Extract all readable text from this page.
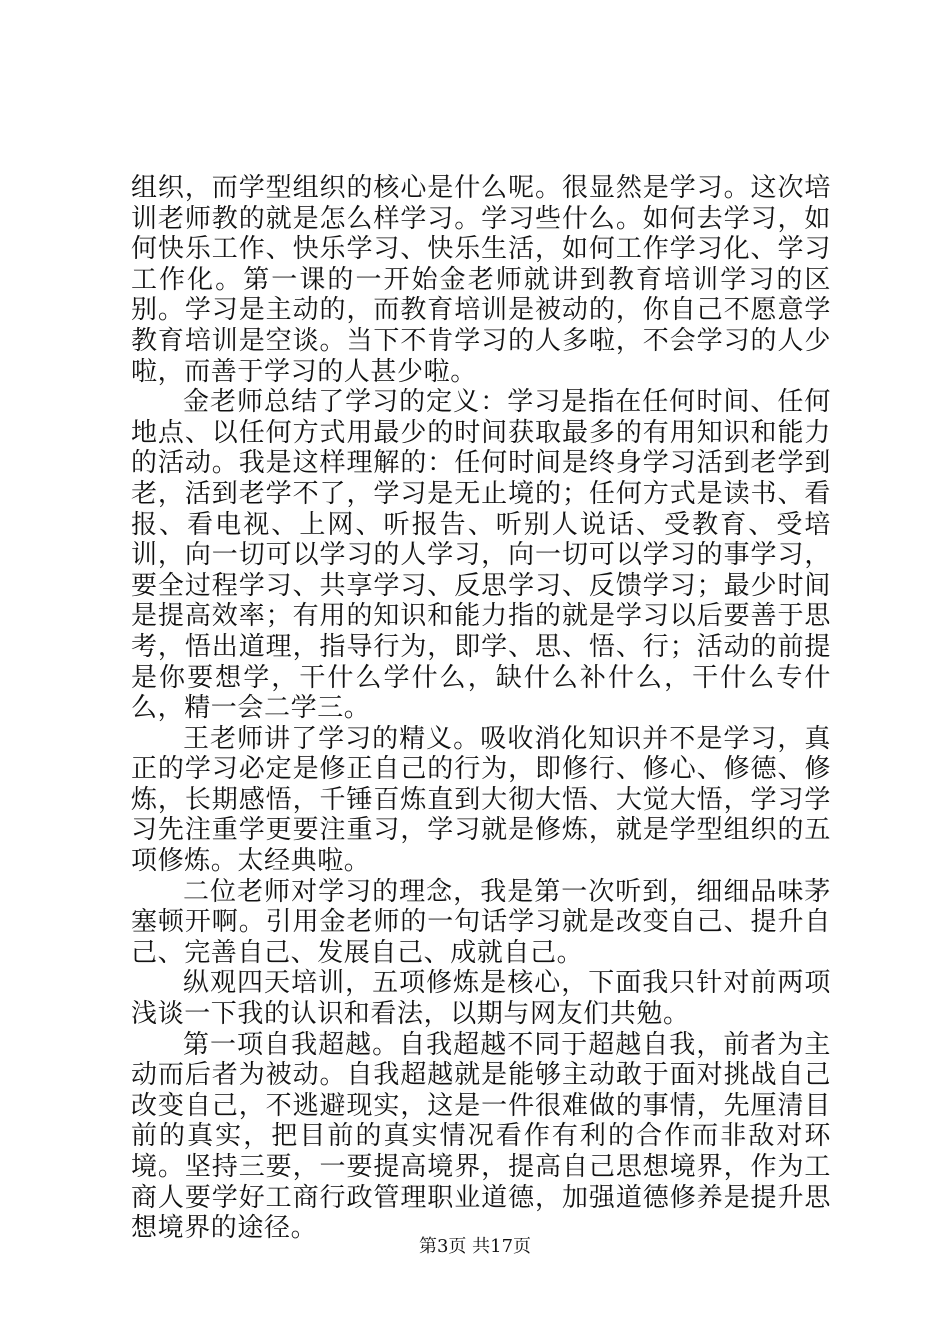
组织，而学型组织的核心是什么呢。很显然是学习。这次培训老师教的就是怎么样学习。学习些什么。如何去学习，如何快乐工作、快乐学习、快乐生活，如何工作学习化、学习工作化。第一课的一开始金老师就讲到教育培训学习的区别。学习是主动的，而教育培训是被动的，你自己不愿意学教育培训是空谈。当下不肯学习的人多啦，不会学习的人少啦，而善于学习的人甚少啦。

金老师总结了学习的定义：学习是指在任何时间、任何地点、以任何方式用最少的时间获取最多的有用知识和能力的活动。我是这样理解的：任何时间是终身学习活到老学到老，活到老学不了，学习是无止境的；任何方式是读书、看报、看电视、上网、听报告、听别人说话、受教育、受培训，向一切可以学习的人学习，向一切可以学习的事学习，要全过程学习、共享学习、反思学习、反馈学习；最少时间是提高效率；有用的知识和能力指的就是学习以后要善于思考，悟出道理，指导行为，即学、思、悟、行；活动的前提是你要想学，干什么学什么，缺什么补什么，干什么专什么，精一会二学三。

王老师讲了学习的精义。吸收消化知识并不是学习，真正的学习必定是修正自己的行为，即修行、修心、修德、修炼，长期感悟，千锤百炼直到大彻大悟、大觉大悟，学习学习先注重学更要注重习，学习就是修炼，就是学型组织的五项修炼。太经典啦。

二位老师对学习的理念，我是第一次听到，细细品味茅塞顿开啊。引用金老师的一句话学习就是改变自己、提升自己、完善自己、发展自己、成就自己。

纵观四天培训，五项修炼是核心，下面我只针对前两项浅谈一下我的认识和看法，以期与网友们共勉。

第一项自我超越。自我超越不同于超越自我，前者为主动而后者为被动。自我超越就是能够主动敢于面对挑战自己改变自己，不逃避现实，这是一件很难做的事情，先厘清目前的真实，把目前的真实情况看作有利的合作而非敌对环境。坚持三要，一要提高境界，提高自己思想境界，作为工商人要学好工商行政管理职业道德，加强道德修养是提升思想境界的途径。

第3页 共17页
